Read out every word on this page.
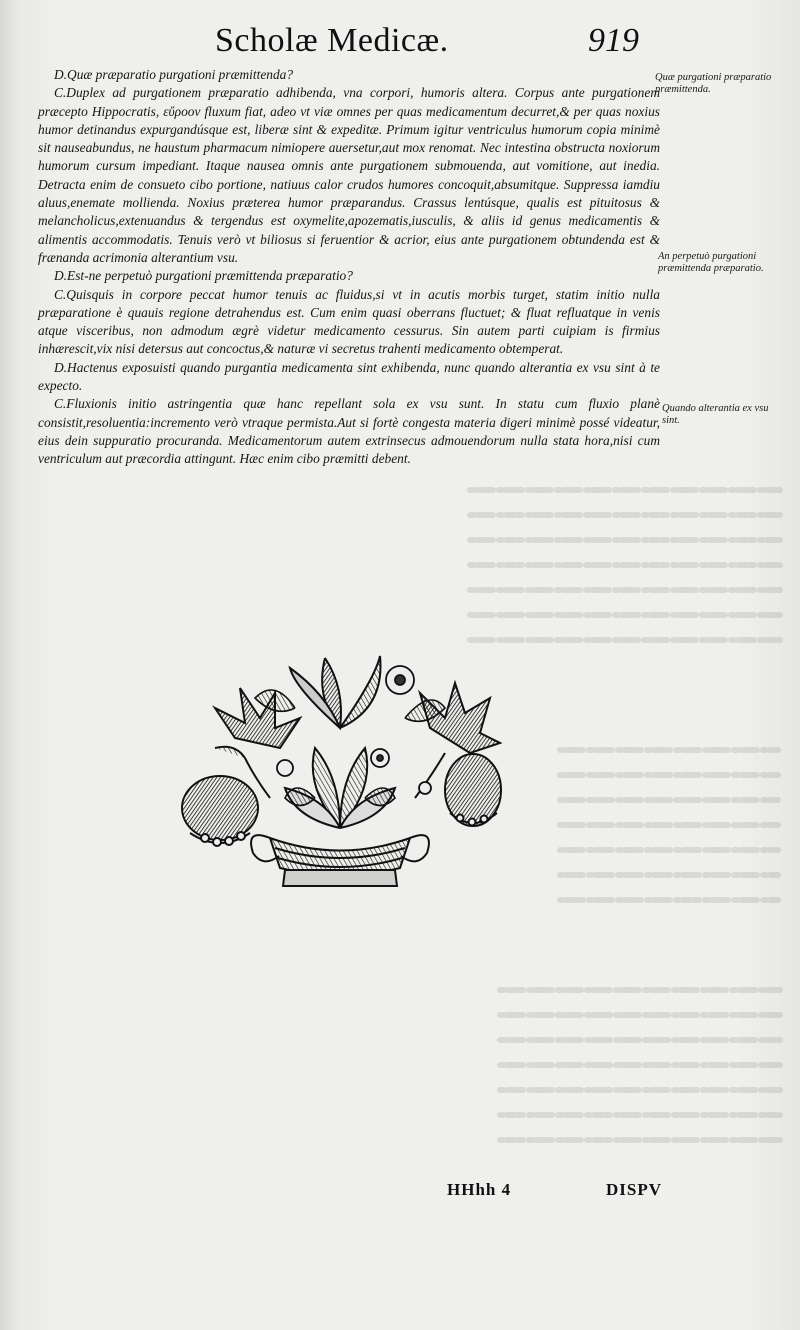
Scholæ Medicæ.	919

D.Quæ præparatio purgationi præmittenda?

C.Duplex ad purgationem præparatio adhibenda, vna corpori, humoris altera. Corpus ante purgationem præcepto Hippocratis, εὔροον fluxum fiat, adeo vt viæ omnes per quas medicamentum decurret,& per quas noxius humor detinandus expurgandúsque est, liberæ sint & expeditæ. Primum igitur ventriculus humorum copia minimè sit nauseabundus, ne haustum pharmacum nimiopere auersetur,aut mox renomat. Nec intestina obstructa noxiorum humorum cursum impediant. Itaque nausea omnis ante purgationem submouenda, aut vomitione, aut inedia. Detracta enim de consueto cibo portione, natiuus calor crudos humores concoquit,absumitque. Suppressa iamdiu aluus,enemate mollienda. Noxius præterea humor præparandus. Crassus lentúsque, qualis est pituitosus & melancholicus,extenuandus & tergendus est oxymelite,apozematis,iusculis, & aliis id genus medicamentis & alimentis accommodatis. Tenuis verò vt biliosus si feruentior & acrior, eius ante purgationem obtundenda est & frænanda acrimonia alterantium vsu.

D.Est-ne perpetuò purgationi præmittenda præparatio?

C.Quisquis in corpore peccat humor tenuis ac fluidus,si vt in acutis morbis turget, statim initio nulla præparatione è quauis regione detrahendus est. Cum enim quasi oberrans fluctuet; & fluat refluatque in venis atque visceribus, non admodum ægrè videtur medicamento cessurus. Sin autem parti cuipiam is firmius inhærescit,vix nisi detersus aut concoctus,& naturæ vi secretus trahenti medicamento obtemperat.

D.Hactenus exposuisti quando purgantia medicamenta sint exhibenda, nunc quando alterantia ex vsu sint à te expecto.

C.Fluxionis initio astringentia quæ hanc repellant sola ex vsu sunt. In statu cum fluxio planè consistit,resoluentia:incremento verò vtraque permista.Aut si fortè congesta materia digeri minimè possé videatur, eius dein suppuratio procuranda. Medicamentorum autem extrinsecus admouendorum nulla stata hora,nisi cum ventriculum aut præcordia attingunt. Hæc enim cibo præmitti debent.

Quæ purgationi præparatio præmittenda.
An perpetuò purgationi præmittenda præparatio.
Quando alterantia ex vsu sint.
HHhh 4	DISPV
